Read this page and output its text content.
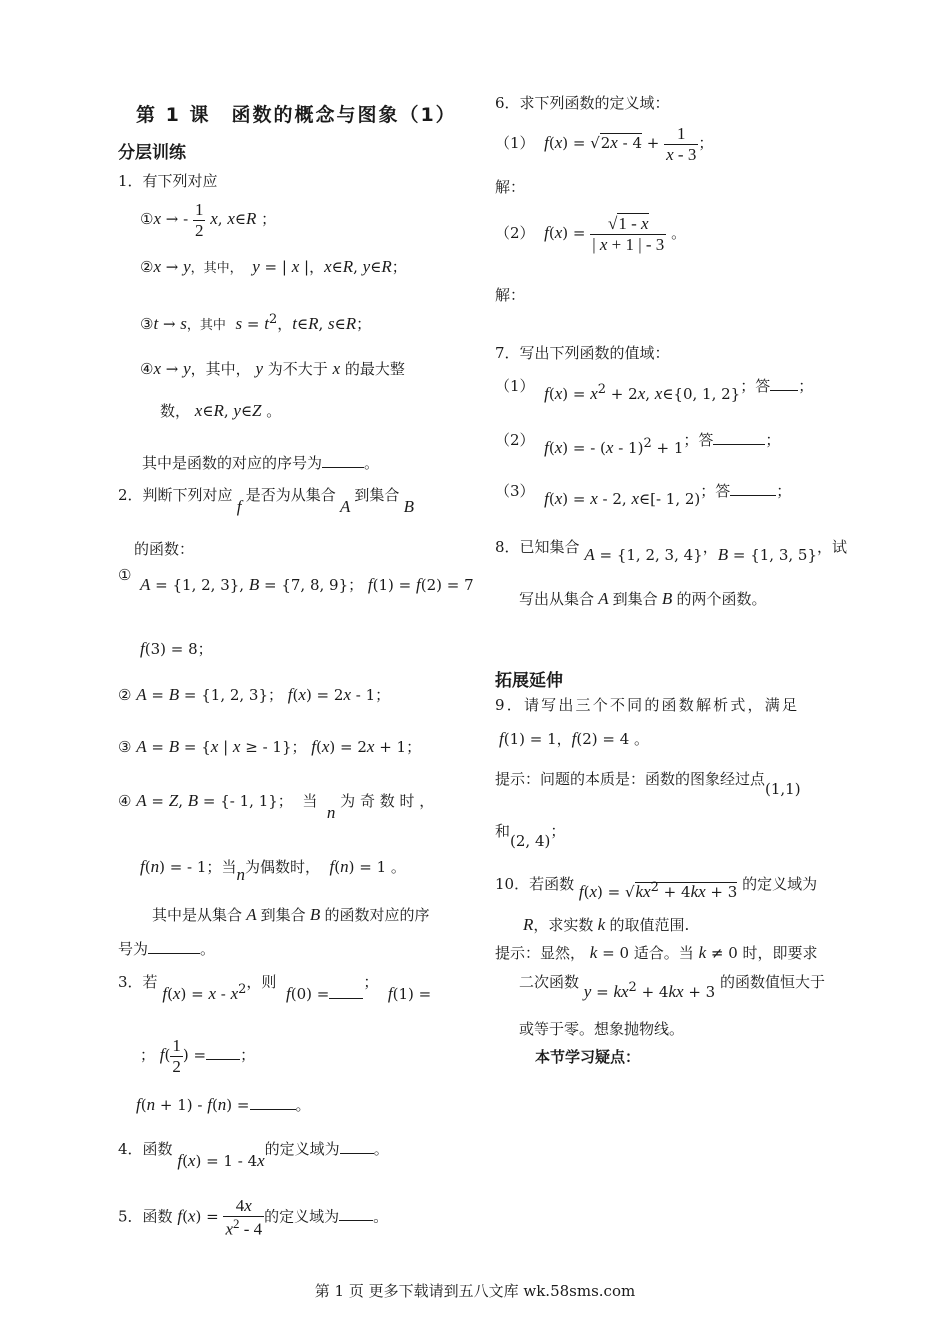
第 1 课　函数的概念与图象（1）
分层训练
1．有下列对应
①x → - $\frac{1}{2} x$, x∈R ；
②x → y，其中， y = | x |，x∈R, y∈R；
③t → s，其中 $s = t^2$，t∈R, s∈R；
④x → y，其中， y 为不大于 x 的最大整
数， x∈R, y∈Z 。
其中是函数的对应的序号为	。
2．判断下列对应 f 是否为从集合 A 到集合 B
的函数：
① A = {1, 2, 3}, B = {7, 8, 9}； f(1) = f(2) = 7
f(3) = 8；
② A = B = {1, 2, 3}； f(x) = 2x - 1；
③ A = B = {x | x ≥ - 1}； f(x) = 2x + 1；
④ A = Z, B = {- 1, 1}；  当  n 为 奇 数 时 ，
f(n) = - 1；当n为偶数时， f(n) = 1 。
其中是从集合 A 到集合 B 的函数对应的序
号为	。
3．若 $f(x) = x - x^2$，则  f(0) =；  f(1) =
； $f( \frac{1}{2}$ ) = ；
f(n + 1) - f(n) =	。
4．函数 f(x) = 1 - 4x的定义域为 。
5．函数 $f(x) = \frac{4x}{x^2 - 4}$ 的定义域为 。
6．求下列函数的定义域：
（1） $f(x) = √2x - 4 + \frac{1}{x - 3}$ ；
解：
（2） $f(x) = \frac{√1 - x}{| x + 1 | - 3}$ 。
解：
7．写出下列函数的值域：
（1） $f(x) = x^2 + 2x$, x∈{0, 1, 2}；答 ；
（2） f(x) = - (x - 1)$^2$ + 1；答	；
（3） f(x) = x - 2, x∈[- 1, 2)；答	；
8．已知集合 A = {1, 2, 3, 4}，B = {1, 3, 5}，试
写出从集合 A 到集合 B 的两个函数。
拓展延伸
9．请写出三个不同的函数解析式，满足
f(1) = 1，f(2) = 4 。
提示：问题的本质是：函数的图象经过点(1,1)
和(2, 4)；
10．若函数 $f(x) = √kx^2 + 4kx + 3$ 的定义域为
R，求实数 k 的取值范围.
提示：显然， k = 0 适合。当 k ≠ 0 时，即要求
二次函数 $y = kx^2 + 4kx + 3$ 的函数值恒大于
或等于零。想象抛物线。
本节学习疑点：
第 1 页 更多下载请到五八文库 wk.58sms.com
